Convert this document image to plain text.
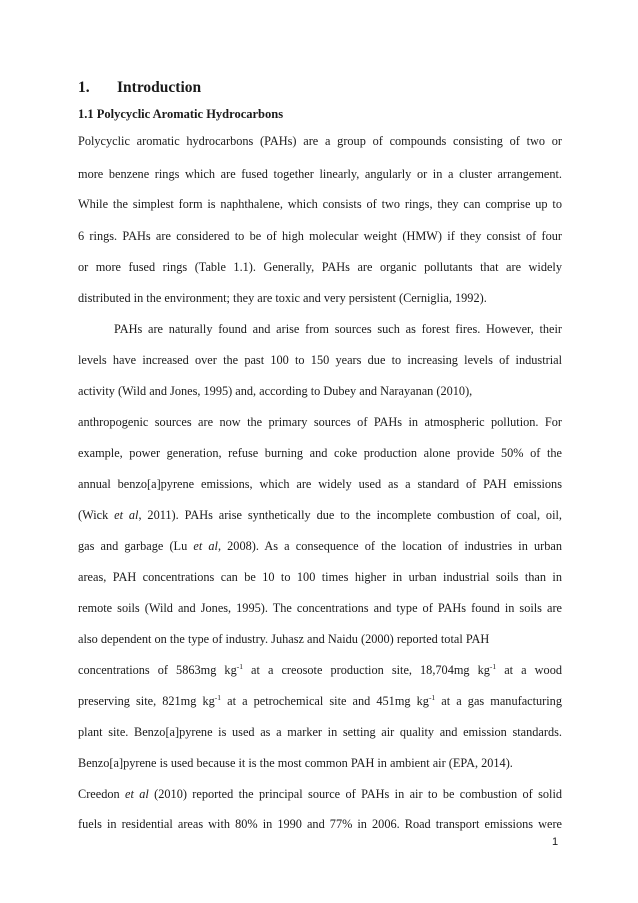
1. Introduction
1.1 Polycyclic Aromatic Hydrocarbons
Polycyclic aromatic hydrocarbons (PAHs) are a group of compounds consisting of two or
more benzene rings which are fused together linearly, angularly or in a cluster arrangement.
While the simplest form is naphthalene, which consists of two rings, they can comprise up to
6 rings. PAHs are considered to be of high molecular weight (HMW) if they consist of four
or more fused rings (Table 1.1). Generally, PAHs are organic pollutants that are widely
distributed in the environment; they are toxic and very persistent (Cerniglia, 1992).
PAHs are naturally found and arise from sources such as forest fires. However, their
levels have increased over the past 100 to 150 years due to increasing levels of industrial
activity (Wild and Jones, 1995) and, according to Dubey and Narayanan (2010),
anthropogenic sources are now the primary sources of PAHs in atmospheric pollution. For
example, power generation, refuse burning and coke production alone provide 50% of the
annual benzo[a]pyrene emissions, which are widely used as a standard of PAH emissions
(Wick et al, 2011). PAHs arise synthetically due to the incomplete combustion of coal, oil,
gas and garbage (Lu et al, 2008). As a consequence of the location of industries in urban
areas, PAH concentrations can be 10 to 100 times higher in urban industrial soils than in
remote soils (Wild and Jones, 1995). The concentrations and type of PAHs found in soils are
also dependent on the type of industry. Juhasz and Naidu (2000) reported total PAH
concentrations of 5863mg $kg^{-1}$ at a creosote production site, 18,704mg $kg^{-1}$ at a wood
preserving site, 821mg $kg^{-1}$ at a petrochemical site and 451mg $kg^{-1}$ at a gas manufacturing
plant site. Benzo[a]pyrene is used as a marker in setting air quality and emission standards.
Benzo[a]pyrene is used because it is the most common PAH in ambient air (EPA, 2014).
Creedon et al (2010) reported the principal source of PAHs in air to be combustion of solid
fuels in residential areas with 80% in 1990 and 77% in 2006. Road transport emissions were
1
